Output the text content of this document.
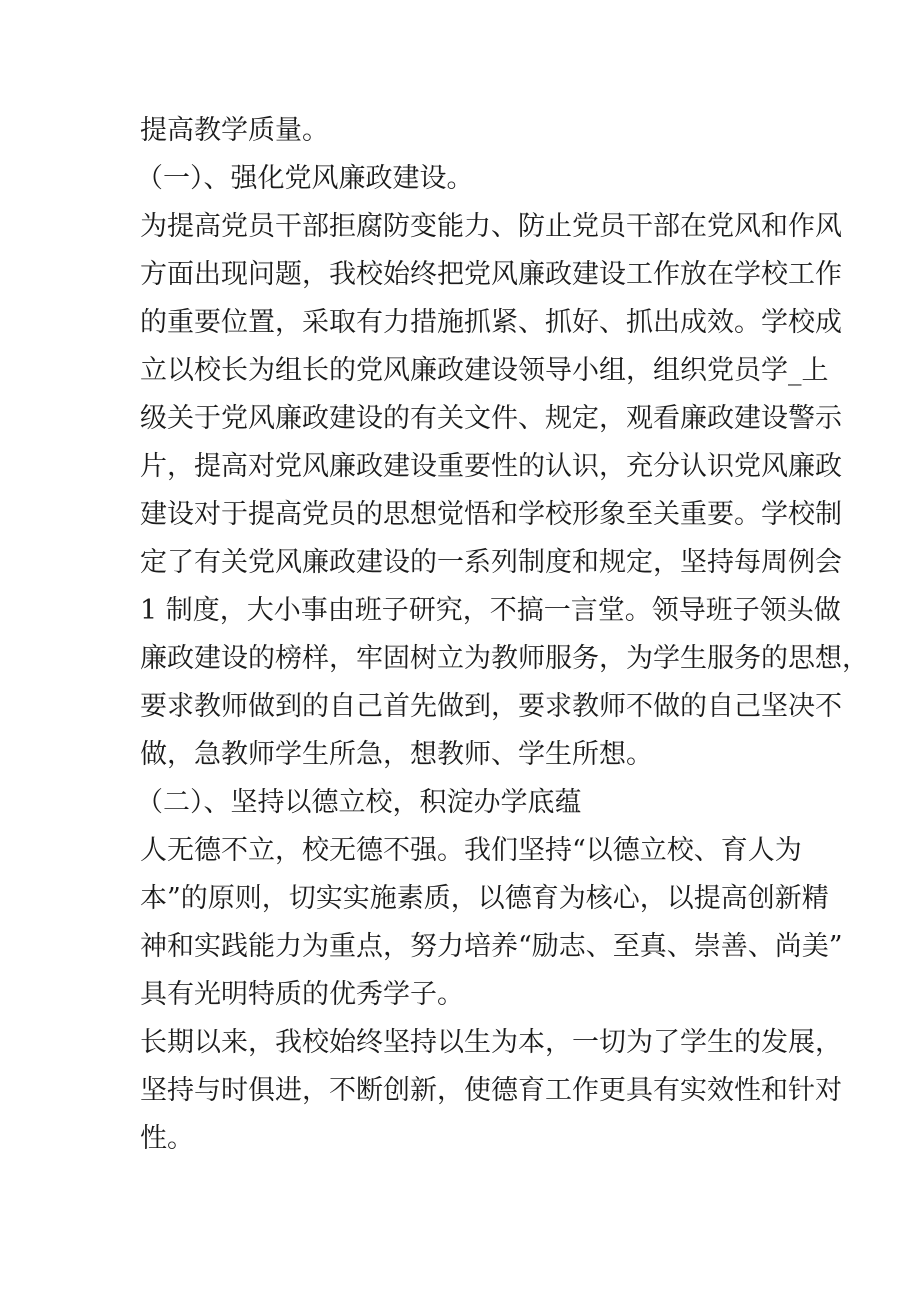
提高教学质量。
（一）、强化党风廉政建设。
为提高党员干部拒腐防变能力、防止党员干部在党风和作风
方面出现问题，我校始终把党风廉政建设工作放在学校工作
的重要位置，采取有力措施抓紧、抓好、抓出成效。学校成
立以校长为组长的党风廉政建设领导小组，组织党员学_上
级关于党风廉政建设的有关文件、规定，观看廉政建设警示
片，提高对党风廉政建设重要性的认识，充分认识党风廉政
建设对于提高党员的思想觉悟和学校形象至关重要。学校制
定了有关党风廉政建设的一系列制度和规定，坚持每周例会
1 制度，大小事由班子研究，不搞一言堂。领导班子领头做
廉政建设的榜样，牢固树立为教师服务，为学生服务的思想，
要求教师做到的自己首先做到，要求教师不做的自己坚决不
做，急教师学生所急，想教师、学生所想。
（二）、坚持以德立校，积淀办学底蕴
人无德不立，校无德不强。我们坚持“以德立校、育人为
本”的原则，切实实施素质，以德育为核心，以提高创新精
神和实践能力为重点，努力培养“励志、至真、崇善、尚美”
具有光明特质的优秀学子。
长期以来，我校始终坚持以生为本，一切为了学生的发展，
坚持与时俱进，不断创新，使德育工作更具有实效性和针对
性。
